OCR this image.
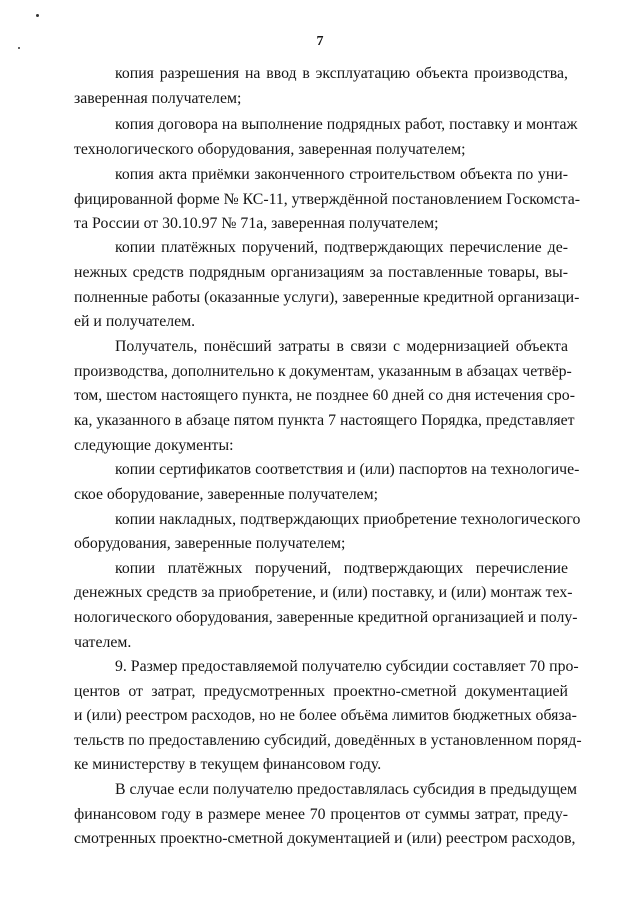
7
копия разрешения на ввод в эксплуатацию объекта производства,
заверенная получателем;
копия договора на выполнение подрядных работ, поставку и монтаж
технологического оборудования, заверенная получателем;
копия акта приёмки законченного строительством объекта по уни-
фицированной форме № КС-11, утверждённой постановлением Госкомста-
та России от 30.10.97 № 71а, заверенная получателем;
копии платёжных поручений, подтверждающих перечисление де-
нежных средств подрядным организациям за поставленные товары, вы-
полненные работы (оказанные услуги), заверенные кредитной организаци-
ей и получателем.
Получатель, понёсший затраты в связи с модернизацией объекта
производства, дополнительно к документам, указанным в абзацах четвёр-
том, шестом настоящего пункта, не позднее 60 дней со дня истечения сро-
ка, указанного в абзаце пятом пункта 7 настоящего Порядка, представляет
следующие документы:
копии сертификатов соответствия и (или) паспортов на технологиче-
ское оборудование, заверенные получателем;
копии накладных, подтверждающих приобретение технологического
оборудования, заверенные получателем;
копии платёжных поручений, подтверждающих перечисление
денежных средств за приобретение, и (или) поставку, и (или) монтаж тех-
нологического оборудования, заверенные кредитной организацией и полу-
чателем.
9. Размер предоставляемой получателю субсидии составляет 70 про-
центов от затрат, предусмотренных проектно-сметной документацией
и (или) реестром расходов, но не более объёма лимитов бюджетных обяза-
тельств по предоставлению субсидий, доведённых в установленном поряд-
ке министерству в текущем финансовом году.
В случае если получателю предоставлялась субсидия в предыдущем
финансовом году в размере менее 70 процентов от суммы затрат, преду-
смотренных проектно-сметной документацией и (или) реестром расходов,
